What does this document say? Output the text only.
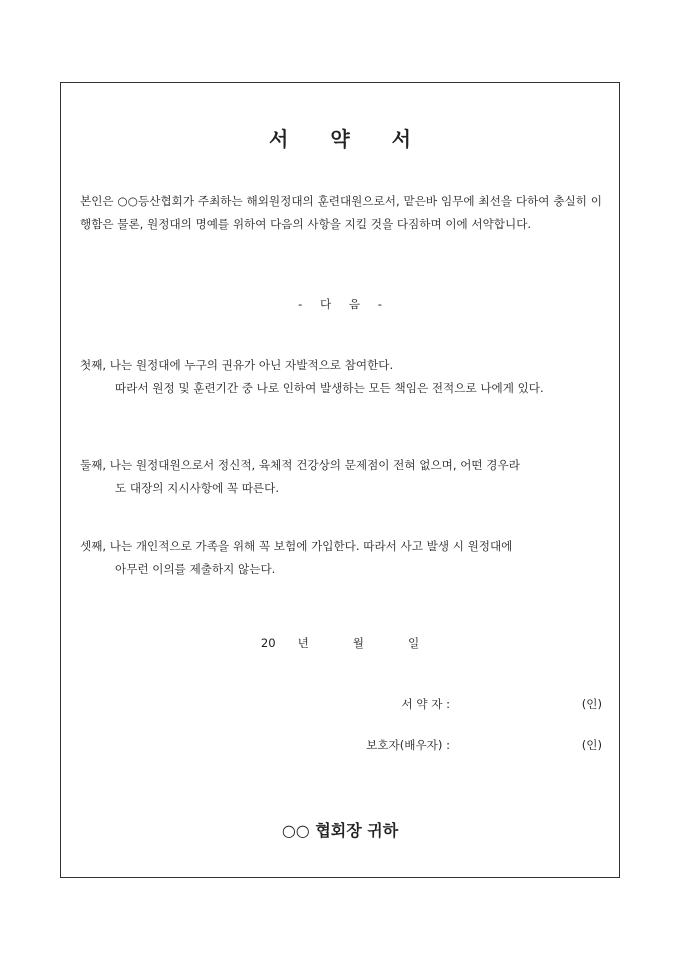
서 약 서

본인은 ○○등산협회가 주최하는 해외원정대의 훈련대원으로서, 맡은바 임무에 최선을 다하여 충실히 이행함은 물론, 원정대의 명예를 위하여 다음의 사항을 지킬 것을 다짐하며 이에 서약합니다.

- 다 음 -
첫째, 나는 원정대에 누구의 권유가 아닌 자발적으로 참여한다.
따라서 원정 및 훈련기간 중 나로 인하여 발생하는 모든 책임은 전적으로 나에게 있다.
둘째, 나는 원정대원으로서 정신적, 육체적 건강상의 문제점이 전혀 없으며, 어떤 경우라
도 대장의 지시사항에 꼭 따른다.
셋째, 나는 개인적으로 가족을 위해 꼭 보험에 가입한다. 따라서 사고 발생 시 원정대에
아무런 이의를 제출하지 않는다.
20 년	월	일
서 약 자 :	(인)
보호자(배우자) :	(인)
○○ 협회장 귀하
